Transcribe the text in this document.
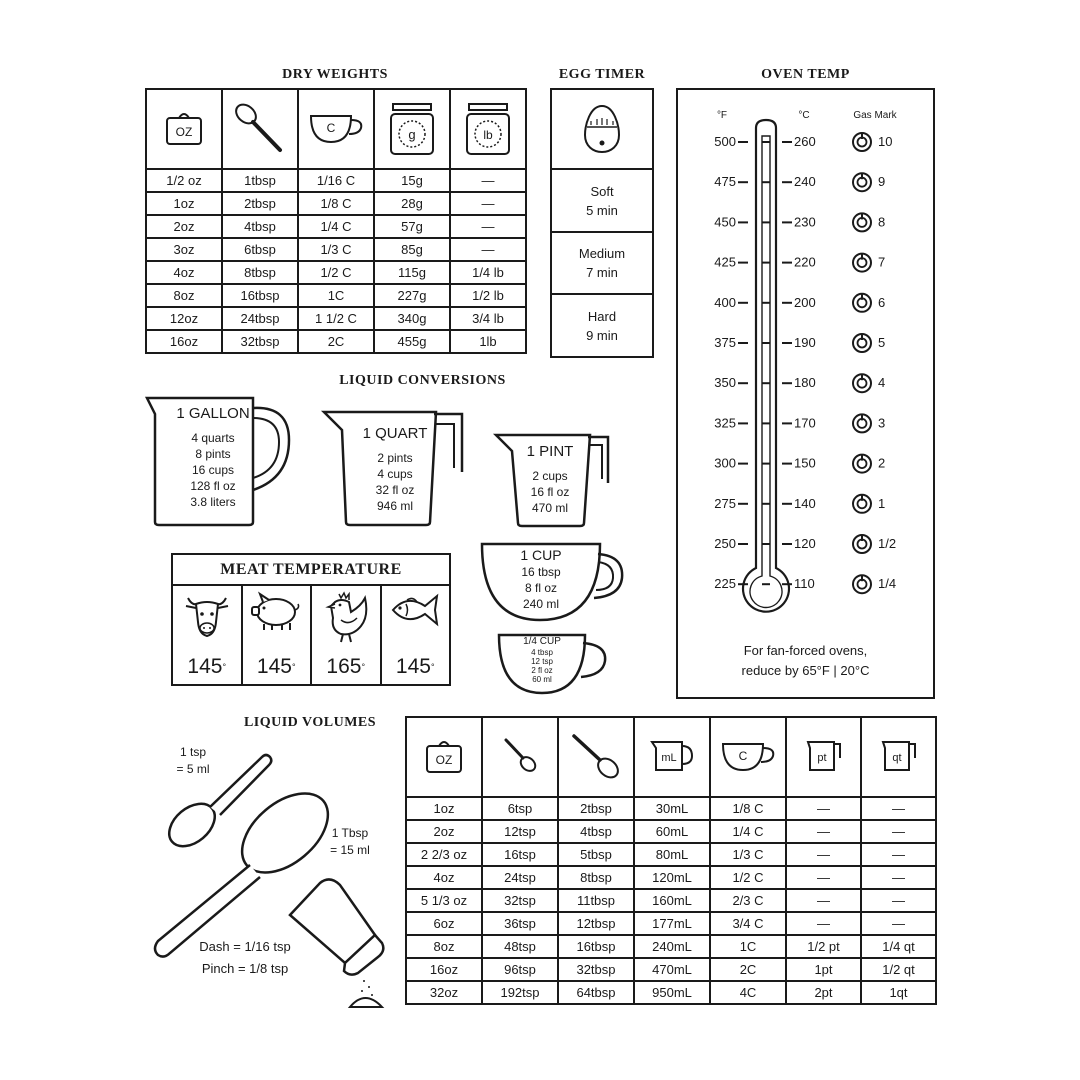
DRY WEIGHTS
OZ		C	g	lb

1/2 oz	1tbsp	1/16 C	15g	—
1oz	2tbsp	1/8 C	28g	—
2oz	4tbsp	1/4 C	57g	—
3oz	6tbsp	1/3 C	85g	—
4oz	8tbsp	1/2 C	115g	1/4 lb
8oz	16tbsp	1C	227g	1/2 lb
12oz	24tbsp	1 1/2 C	340g	3/4 lb
16oz	32tbsp	2C	455g	1lb
EGG TIMER
Soft
5 min
Medium
7 min
Hard
9 min
OVEN TEMP
°F	°C	Gas Mark
500	260	10
475	240	9
450	230	8
425	220	7
400	200	6
375	190	5
350	180	4
325	170	3
300	150	2
275	140	1
250	120	1/2
225	110	1/4
For fan-forced ovens,
reduce by 65°F | 20°C
LIQUID CONVERSIONS
1 GALLON
4 quarts
8 pints
16 cups
128 fl oz
3.8 liters
1 QUART
2 pints
4 cups
32 fl oz
946 ml
1 PINT
2 cups
16 fl oz
470 ml
1 CUP
16 tbsp
8 fl oz
240 ml
1/4 CUP
4 tbsp
12 tsp
2 fl oz
60 ml
MEAT TEMPERATURE
145° 145° 165° 145°
LIQUID VOLUMES
1 tsp
= 5 ml
1 Tbsp
= 15 ml
Dash = 1/16 tsp
Pinch = 1/8 tsp
OZ			mL	C	pt	qt

1oz	6tsp	2tbsp	30mL	1/8 C	—	—
2oz	12tsp	4tbsp	60mL	1/4 C	—	—
2 2/3 oz	16tsp	5tbsp	80mL	1/3 C	—	—
4oz	24tsp	8tbsp	120mL	1/2 C	—	—
5 1/3 oz	32tsp	11tbsp	160mL	2/3 C	—	—
6oz	36tsp	12tbsp	177mL	3/4 C	—	—
8oz	48tsp	16tbsp	240mL	1C	1/2 pt	1/4 qt
16oz	96tsp	32tbsp	470mL	2C	1pt	1/2 qt
32oz	192tsp	64tbsp	950mL	4C	2pt	1qt
